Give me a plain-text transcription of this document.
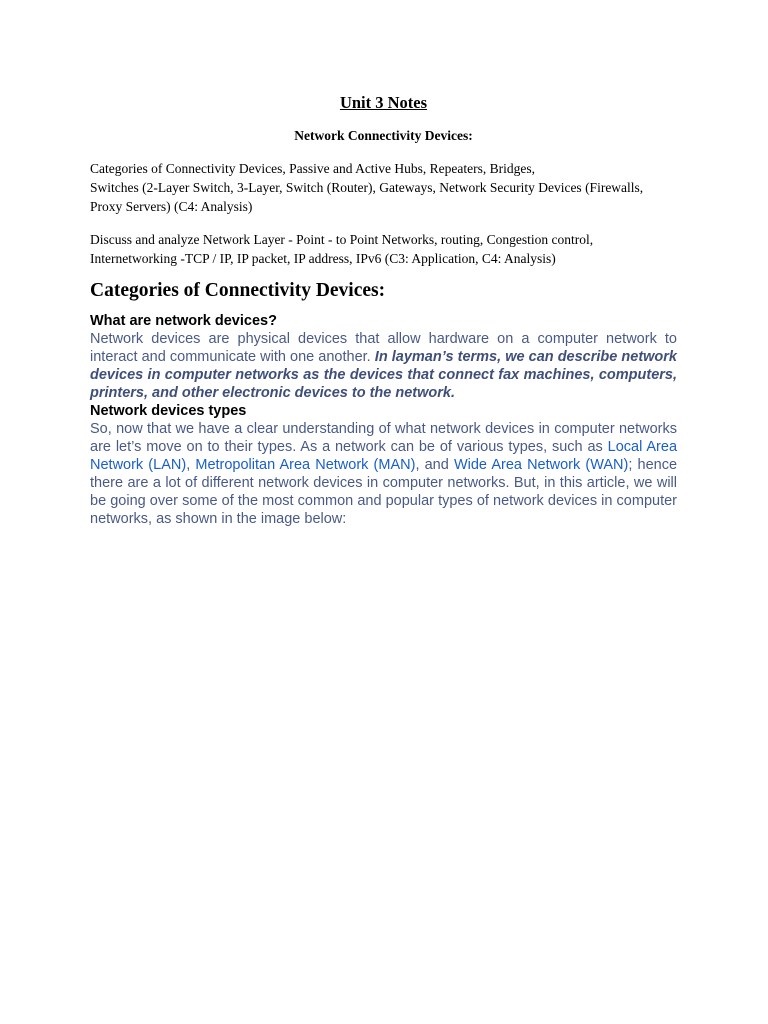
Unit 3 Notes

Network Connectivity Devices:

Categories of Connectivity Devices, Passive and Active Hubs, Repeaters, Bridges,
Switches (2-Layer Switch, 3-Layer, Switch (Router), Gateways, Network Security Devices (Firewalls,
Proxy Servers) (C4: Analysis)

Discuss and analyze Network Layer - Point - to Point Networks, routing, Congestion control,
Internetworking -TCP / IP, IP packet, IP address, IPv6 (C3: Application, C4: Analysis)

Categories of Connectivity Devices:

What are network devices?

Network devices are physical devices that allow hardware on a computer network to interact and communicate with one another. In layman’s terms, we can describe network devices in computer networks as the devices that connect fax machines, computers, printers, and other electronic devices to the network.

Network devices types

So, now that we have a clear understanding of what network devices in computer networks are let’s move on to their types. As a network can be of various types, such as Local Area Network (LAN), Metropolitan Area Network (MAN), and Wide Area Network (WAN); hence there are a lot of different network devices in computer networks. But, in this article, we will be going over some of the most common and popular types of network devices in computer networks, as shown in the image below:
